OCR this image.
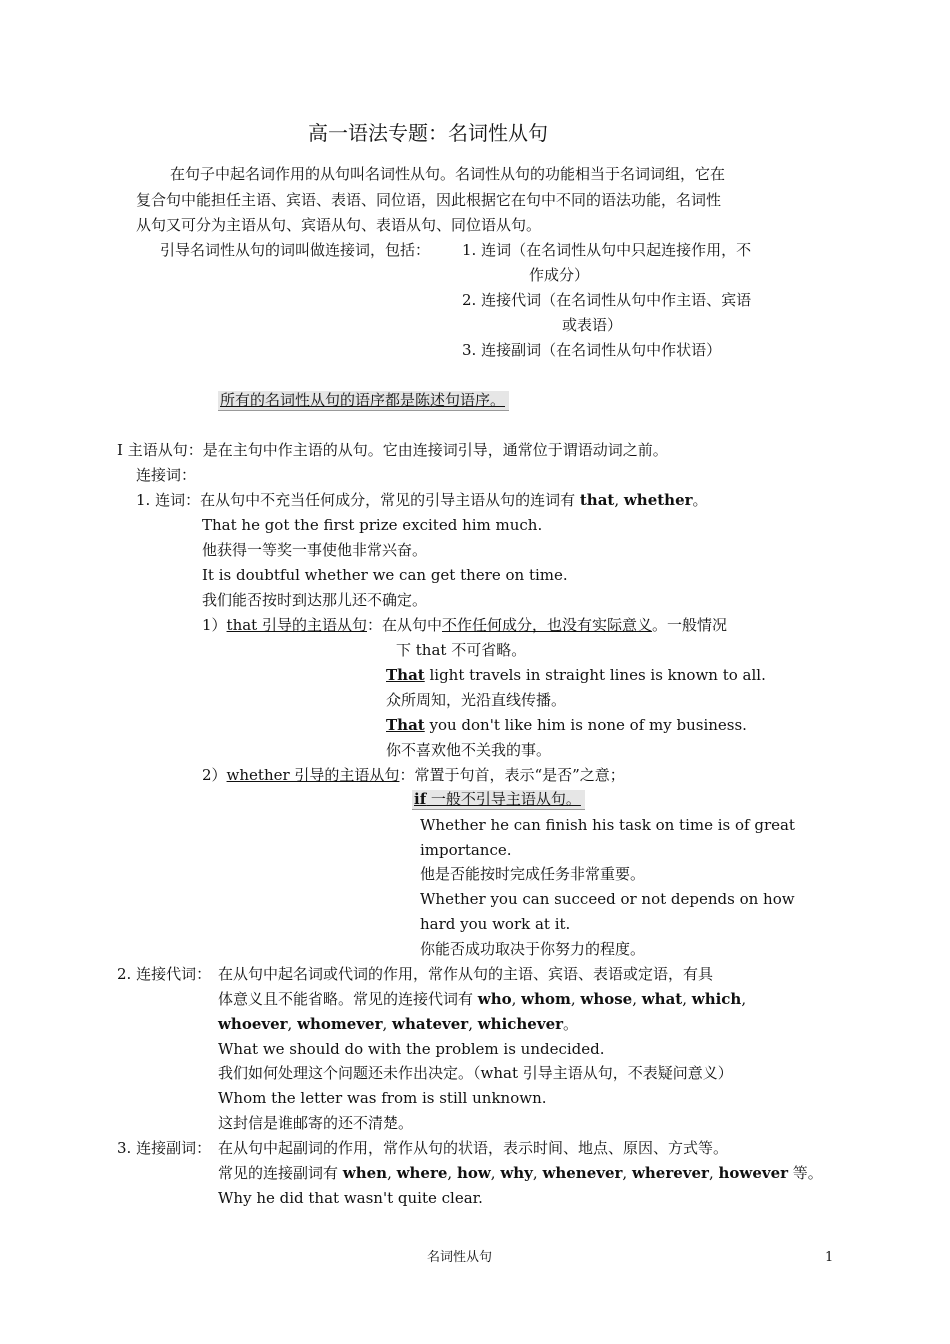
高一语法专题：名词性从句
在句子中起名词作用的从句叫名词性从句。名词性从句的功能相当于名词词组，它在
复合句中能担任主语、宾语、表语、同位语，因此根据它在句中不同的语法功能，名词性
从句又可分为主语从句、宾语从句、表语从句、同位语从句。
引导名词性从句的词叫做连接词，包括： 1. 连词（在名词性从句中只起连接作用，不
作成分）
2. 连接代词（在名词性从句中作主语、宾语
或表语）
3. 连接副词（在名词性从句中作状语）
所有的名词性从句的语序都是陈述句语序。
I 主语从句：是在主句中作主语的从句。它由连接词引导，通常位于谓语动词之前。
连接词：
1. 连词：在从句中不充当任何成分，常见的引导主语从句的连词有 that, whether。
That he got the first prize excited him much.
他获得一等奖一事使他非常兴奋。
It is doubtful whether we can get there on time.
我们能否按时到达那儿还不确定。
1）that 引导的主语从句：在从句中不作任何成分，也没有实际意义。一般情况
下 that 不可省略。
That light travels in straight lines is known to all.
众所周知，光沿直线传播。
That you don't like him is none of my business.
你不喜欢他不关我的事。
2）whether 引导的主语从句：常置于句首，表示“是否”之意；
if 一般不引导主语从句。
Whether he can finish his task on time is of great
importance.
他是否能按时完成任务非常重要。
Whether you can succeed or not depends on how
hard you work at it.
你能否成功取决于你努力的程度。
2. 连接代词： 在从句中起名词或代词的作用，常作从句的主语、宾语、表语或定语，有具
体意义且不能省略。常见的连接代词有 who, whom, whose, what, which,
whoever, whomever, whatever, whichever。
What we should do with the problem is undecided.
我们如何处理这个问题还未作出决定。（what 引导主语从句，不表疑问意义）
Whom the letter was from is still unknown.
这封信是谁邮寄的还不清楚。
3. 连接副词： 在从句中起副词的作用，常作从句的状语，表示时间、地点、原因、方式等。
常见的连接副词有 when, where, how, why, whenever, wherever, however 等。
Why he did that wasn't quite clear.
名词性从句	1
